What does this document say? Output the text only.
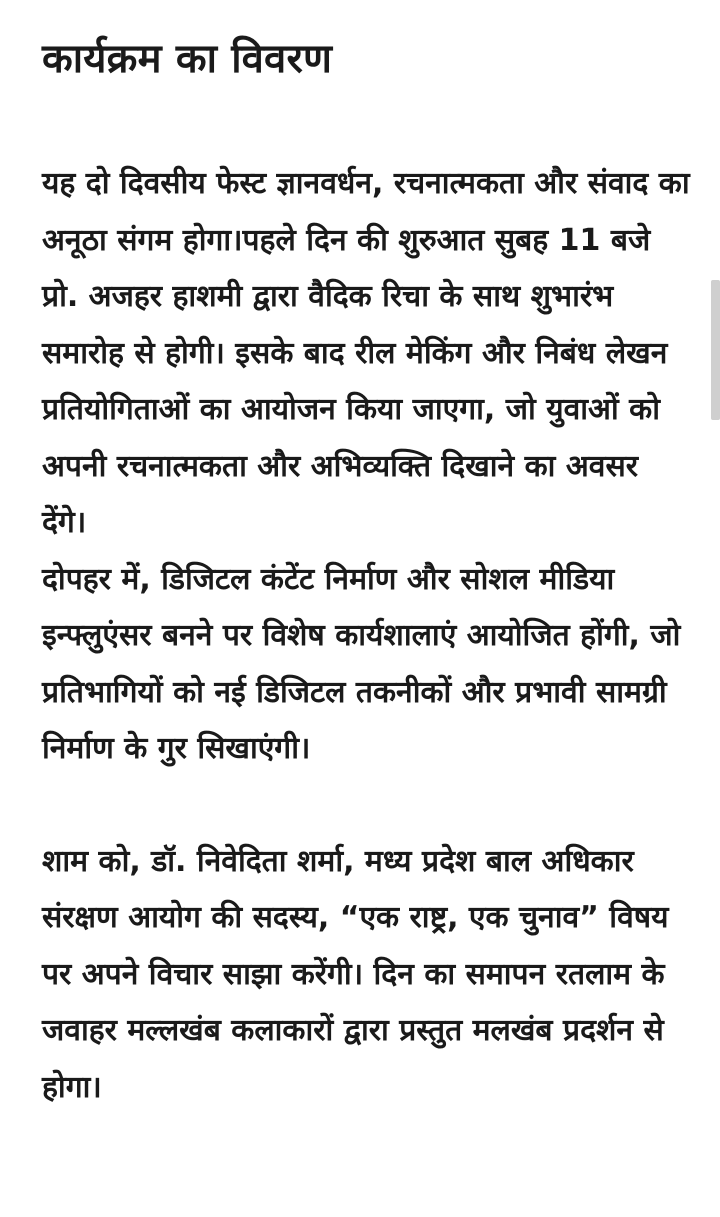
कार्यक्रम का विवरण

यह दो दिवसीय फेस्ट ज्ञानवर्धन, रचनात्मकता और संवाद का अनूठा संगम होगा।पहले दिन की शुरुआत सुबह 11 बजे प्रो. अजहर हाशमी द्वारा वैदिक रिचा के साथ शुभारंभ समारोह से होगी। इसके बाद रील मेकिंग और निबंध लेखन प्रतियोगिताओं का आयोजन किया जाएगा, जो युवाओं को अपनी रचनात्मकता और अभिव्यक्ति दिखाने का अवसर देंगे।

दोपहर में, डिजिटल कंटेंट निर्माण और सोशल मीडिया इन्फ्लुएंसर बनने पर विशेष कार्यशालाएं आयोजित होंगी, जो प्रतिभागियों को नई डिजिटल तकनीकों और प्रभावी सामग्री निर्माण के गुर सिखाएंगी।

शाम को, डॉ. निवेदिता शर्मा, मध्य प्रदेश बाल अधिकार संरक्षण आयोग की सदस्य, “एक राष्ट्र, एक चुनाव” विषय पर अपने विचार साझा करेंगी। दिन का समापन रतलाम के जवाहर मल्लखंब कलाकारों द्वारा प्रस्तुत मलखंब प्रदर्शन से होगा।
